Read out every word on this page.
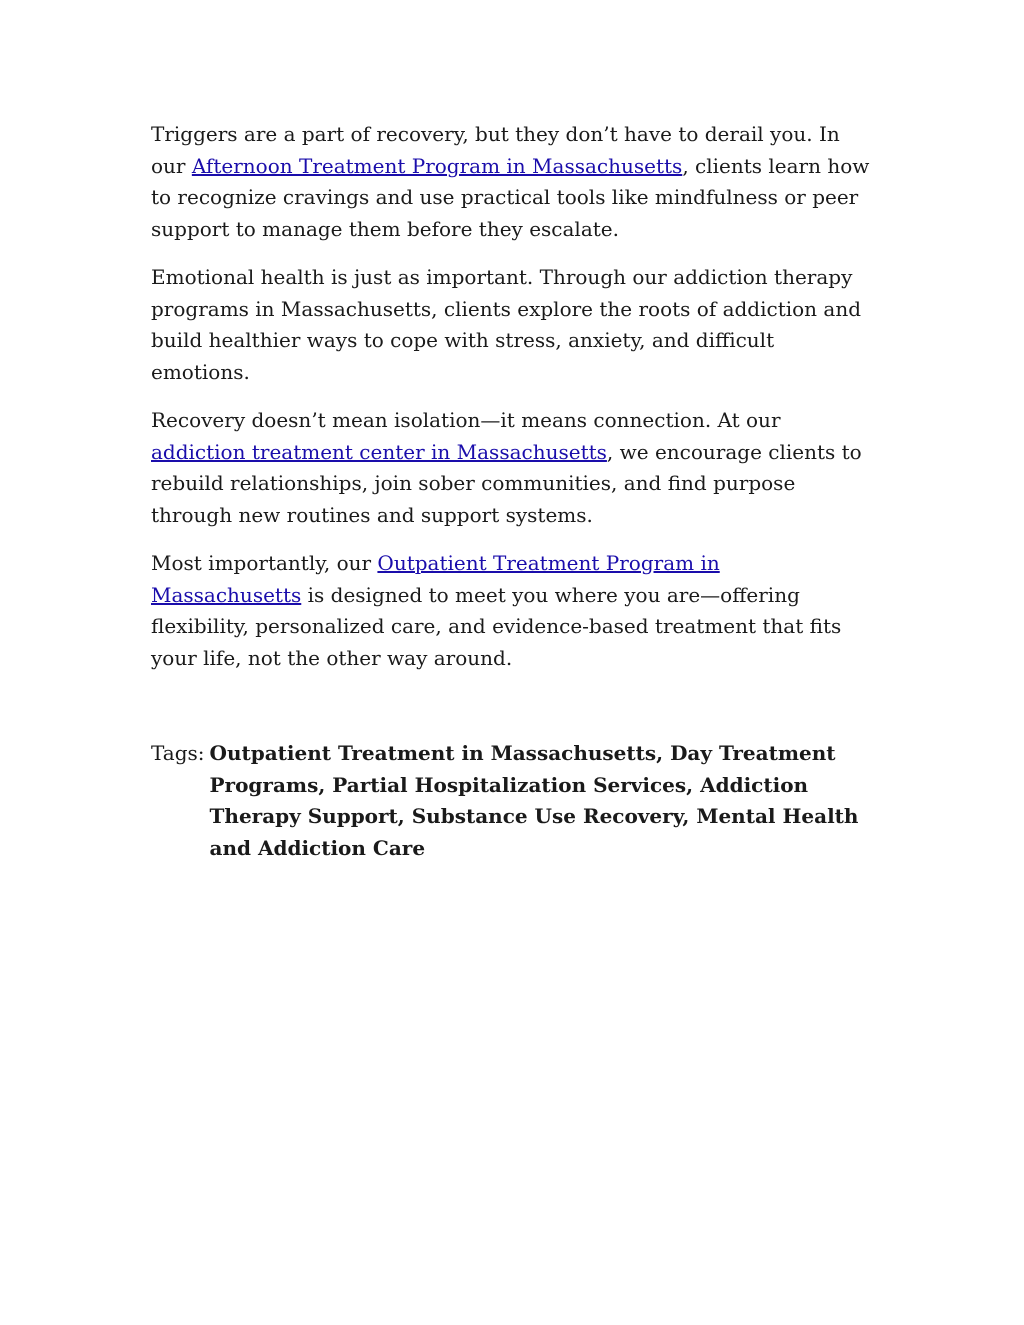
Triggers are a part of recovery, but they don’t have to derail you. In our Afternoon Treatment Program in Massachusetts, clients learn how to recognize cravings and use practical tools like mindfulness or peer support to manage them before they escalate.

Emotional health is just as important. Through our addiction therapy programs in Massachusetts, clients explore the roots of addiction and build healthier ways to cope with stress, anxiety, and difficult emotions.

Recovery doesn’t mean isolation—it means connection. At our addiction treatment center in Massachusetts, we encourage clients to rebuild relationships, join sober communities, and find purpose through new routines and support systems.

Most importantly, our Outpatient Treatment Program in Massachusetts is designed to meet you where you are—offering flexibility, personalized care, and evidence-based treatment that fits your life, not the other way around.

Tags: Outpatient Treatment in Massachusetts, Day Treatment Programs, Partial Hospitalization Services, Addiction Therapy Support, Substance Use Recovery, Mental Health and Addiction Care
